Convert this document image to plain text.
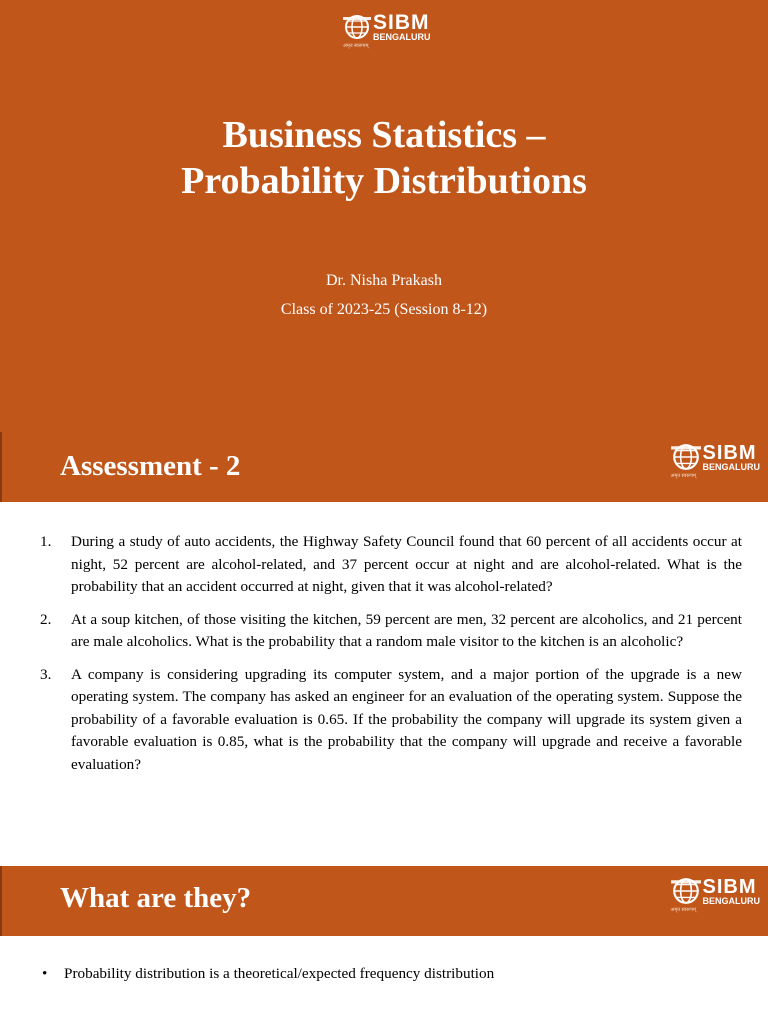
SIBM
BENGALURU
अमृत स्वरूपम्
Business Statistics –
Probability Distributions
Dr. Nisha Prakash
Class of 2023-25 (Session 8-12)
Assessment - 2	SIBM
BENGALURU
अमृत स्वरूपम्
1. During a study of auto accidents, the Highway Safety Council found that 60 percent of all accidents occur at night, 52 percent are alcohol-related, and 37 percent occur at night and are alcohol-related. What is the probability that an accident occurred at night, given that it was alcohol-related?
2. At a soup kitchen, of those visiting the kitchen, 59 percent are men, 32 percent are alcoholics, and 21 percent are male alcoholics. What is the probability that a random male visitor to the kitchen is an alcoholic?
3. A company is considering upgrading its computer system, and a major portion of the upgrade is a new operating system. The company has asked an engineer for an evaluation of the operating system. Suppose the probability of a favorable evaluation is 0.65. If the probability the company will upgrade its system given a favorable evaluation is 0.85, what is the probability that the company will upgrade and receive a favorable evaluation?
What are they?	SIBM
BENGALURU
अमृत स्वरूपम्
• Probability distribution is a theoretical/expected frequency distribution
